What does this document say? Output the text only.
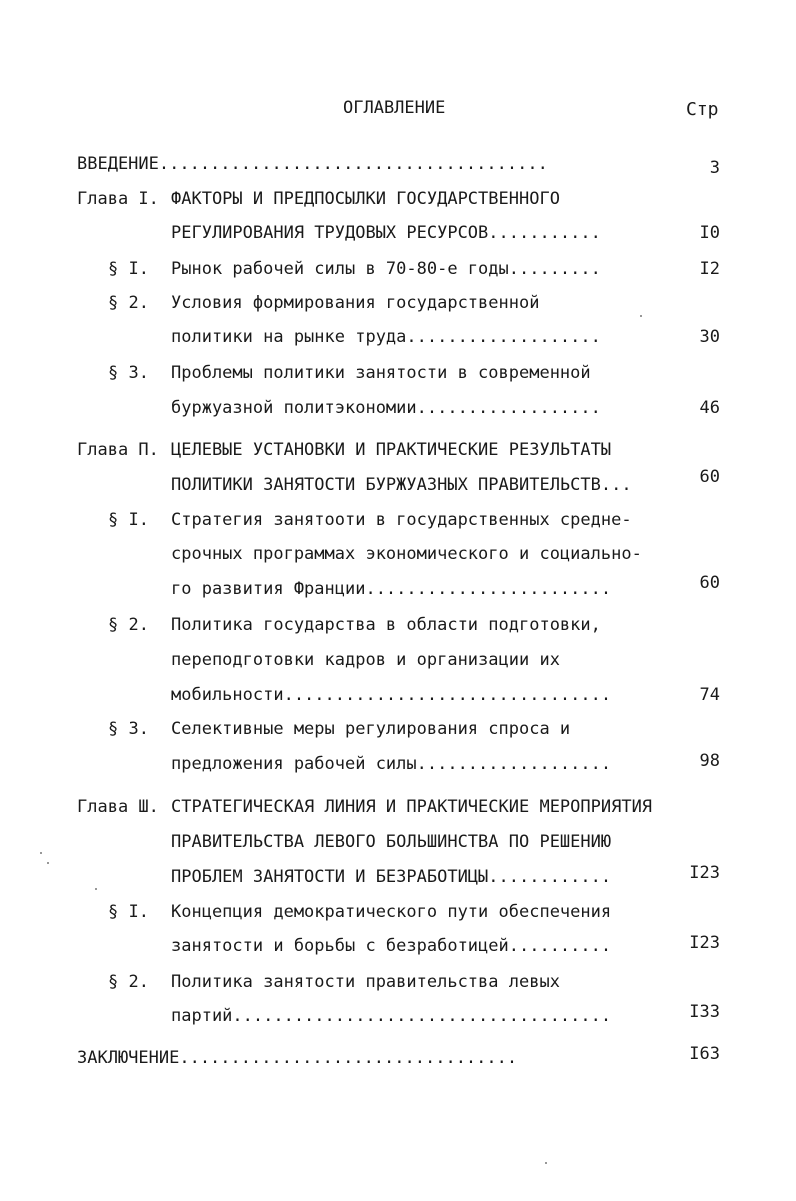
ОГЛАВЛЕНИЕ	Стр
ВВЕДЕНИЕ......................................	3
Глава I. ФАКТОРЫ И ПРЕДПОСЫЛКИ ГОСУДАРСТВЕННОГО
РЕГУЛИРОВАНИЯ ТРУДОВЫХ РЕСУРСОВ...........	I0
§ I. Рынок рабочей силы в 70-80-е годы.........	I2
§ 2. Условия формирования государственной
политики на рынке труда...................	30
§ 3. Проблемы политики занятости в современной
буржуазной политэкономии..................	46
Глава П. ЦЕЛЕВЫЕ УСТАНОВКИ И ПРАКТИЧЕСКИЕ РЕЗУЛЬТАТЫ
ПОЛИТИКИ ЗАНЯТОСТИ БУРЖУАЗНЫХ ПРАВИТЕЛЬСТВ...	60
§ I. Стратегия занятооти в государственных средне-
срочных программах экономического и социально-
го развития Франции........................	60
§ 2. Политика государства в области подготовки,
переподготовки кадров и организации их
мобильности................................	74
§ 3. Селективные меры регулирования спроса и
предложения рабочей силы...................	98
Глава Ш. СТРАТЕГИЧЕСКАЯ ЛИНИЯ И ПРАКТИЧЕСКИЕ МЕРОПРИЯТИЯ
ПРАВИТЕЛЬСТВА ЛЕВОГО БОЛЬШИНСТВА ПО РЕШЕНИЮ
ПРОБЛЕМ ЗАНЯТОСТИ И БЕЗРАБОТИЦЫ............	I23
§ I. Концепция демократического пути обеспечения
занятости и борьбы с безработицей..........	I23
§ 2. Политика занятости правительства левых
партий.....................................	I33
ЗАКЛЮЧЕНИЕ.................................	I63
